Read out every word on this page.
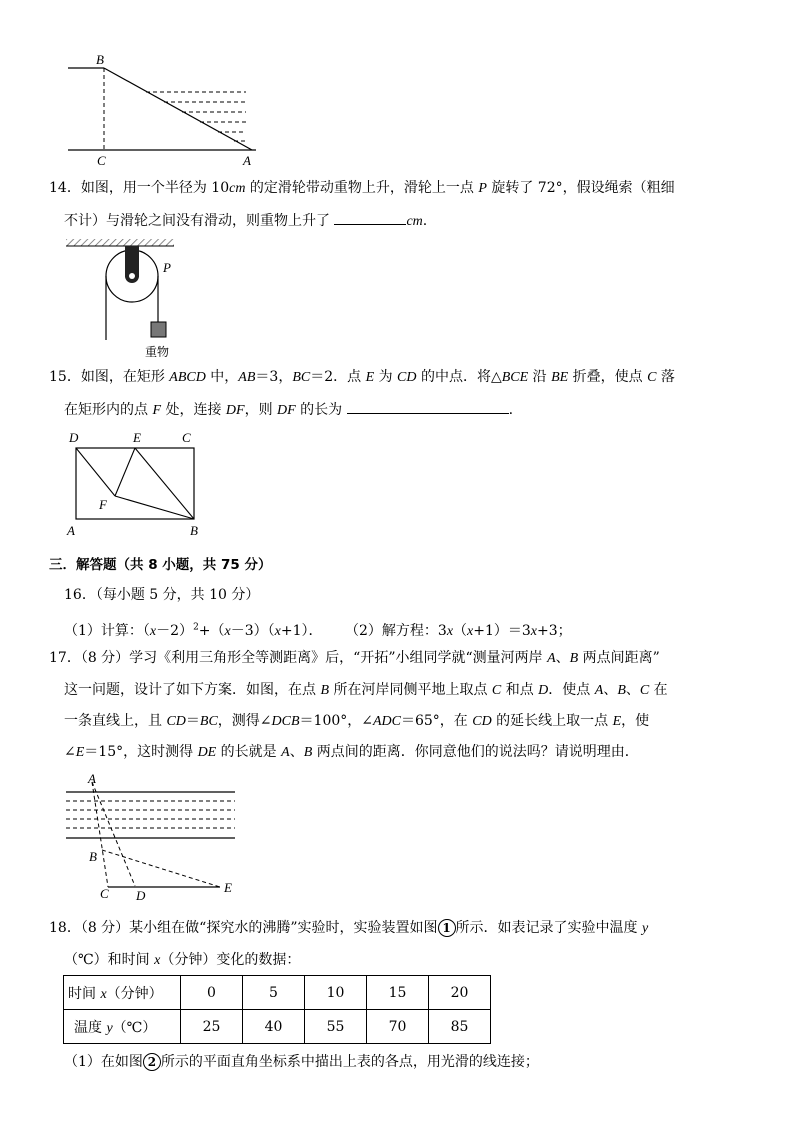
B
C	A
14．如图，用一个半径为 10cm 的定滑轮带动重物上升，滑轮上一点 P 旋转了 72°，假设绳索（粗细
不计）与滑轮之间没有滑动，则重物上升了	cm.
P
重物
15．如图，在矩形 ABCD 中，AB＝3，BC＝2．点 E 为 CD 的中点．将△BCE 沿 BE 折叠，使点 C 落
在矩形内的点 F 处，连接 DF，则 DF 的长为	.
D	E	C
F
A	B
三．解答题（共 8 小题，共 75 分）
16．（每小题 5 分，共 10 分）
（1）计算：$(x-2)^2+(x-3)(x+1)$． （2）解方程：3x（x+1）＝3x+3；
17．（8 分）学习《利用三角形全等测距离》后，“开拓”小组同学就“测量河两岸 A、B 两点间距离”
这一问题，设计了如下方案．如图，在点 B 所在河岸同侧平地上取点 C 和点 D．使点 A、B、C 在
一条直线上，且 CD＝BC，测得∠DCB＝100°，∠ADC＝65°，在 CD 的延长线上取一点 E，使
∠E＝15°，这时测得 DE 的长就是 A、B 两点间的距离．你同意他们的说法吗？请说明理由．
A
B
C D
E
18．（8 分）某小组在做“探究水的沸腾”实验时，实验装置如图 1 所示．如表记录了实验中温度 y
（℃）和时间 x（分钟）变化的数据：
时间 x（分钟）	0	5	10	15	20
温度 y（℃）	25	40	55	70	85
（1）在如图 2 所示的平面直角坐标系中描出上表的各点，用光滑的线连接；
